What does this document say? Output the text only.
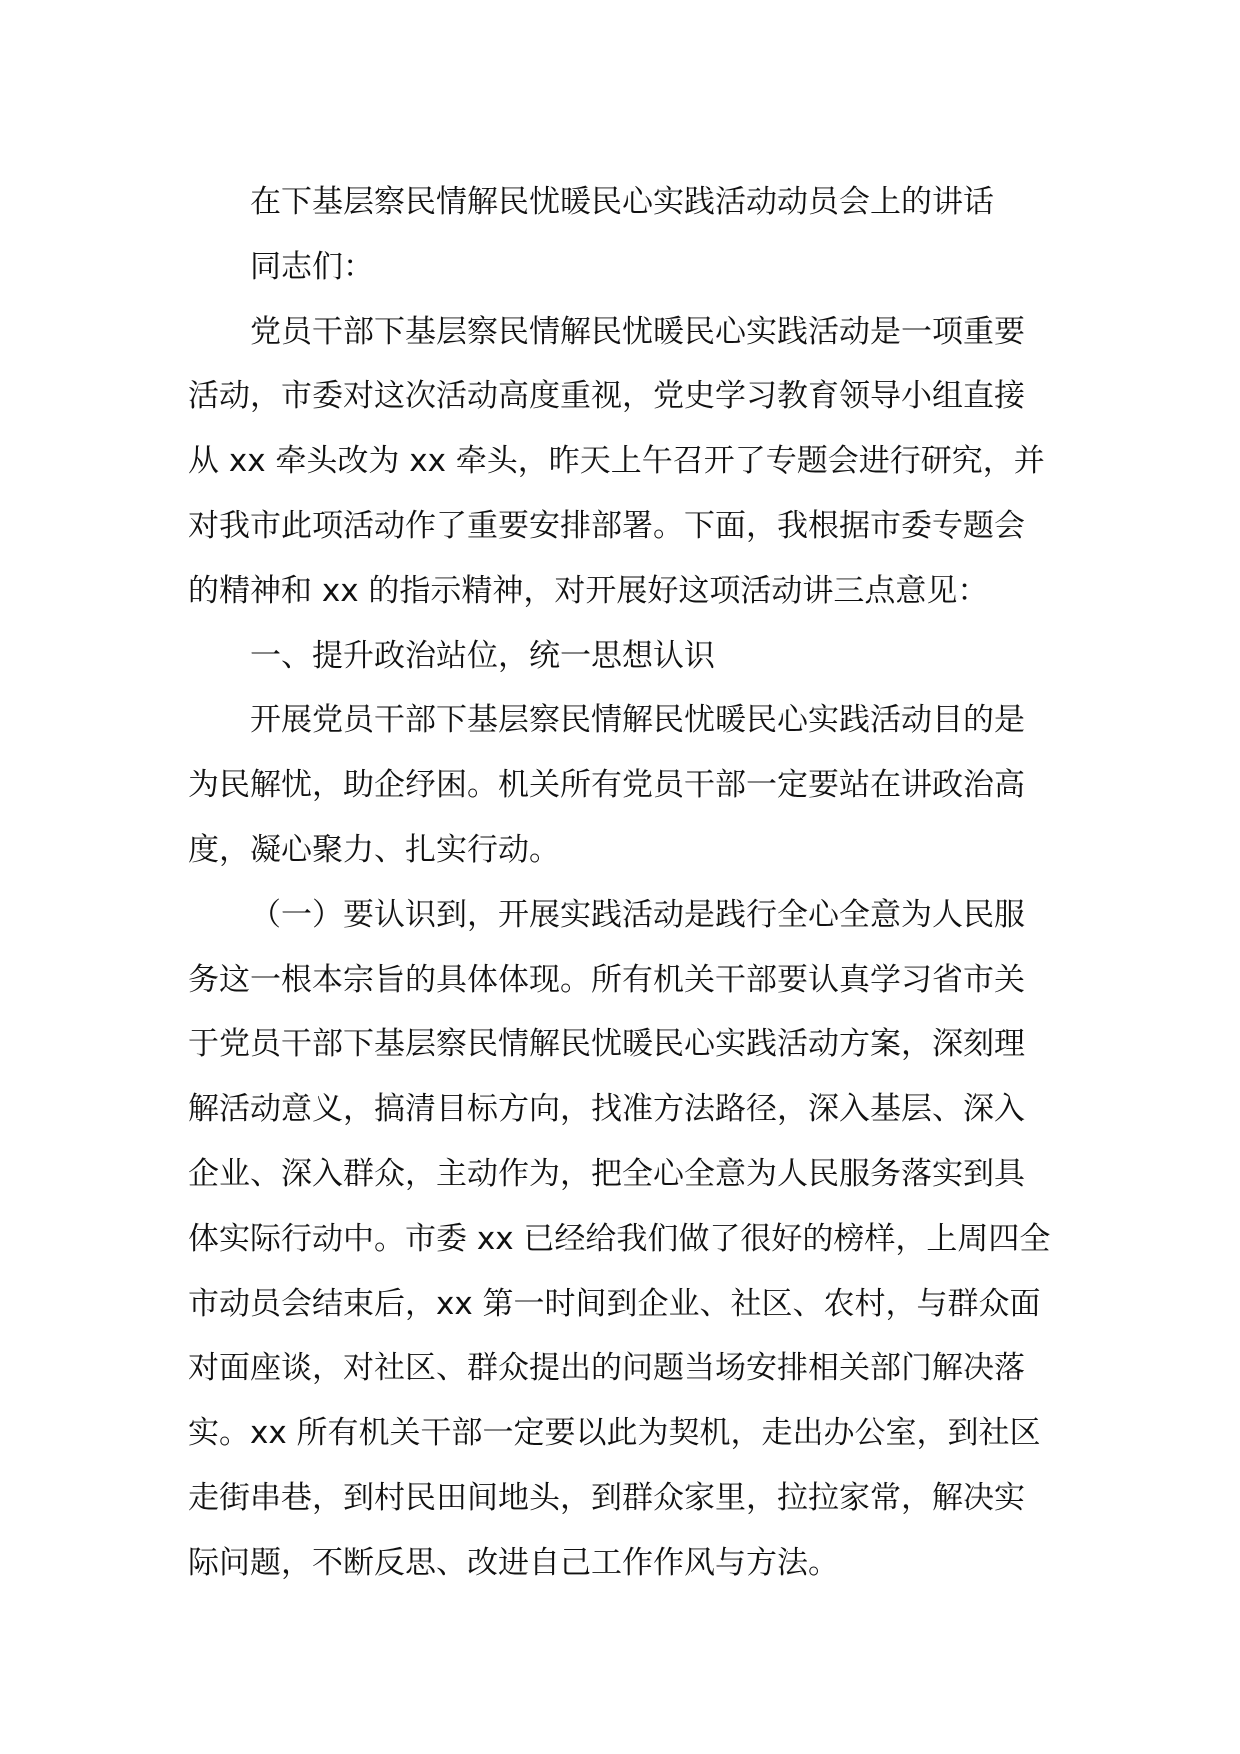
在下基层察民情解民忧暖民心实践活动动员会上的讲话

同志们：

党员干部下基层察民情解民忧暖民心实践活动是一项重要

活动，市委对这次活动高度重视，党史学习教育领导小组直接

从 xx 牵头改为 xx 牵头，昨天上午召开了专题会进行研究，并

对我市此项活动作了重要安排部署。下面，我根据市委专题会

的精神和 xx 的指示精神，对开展好这项活动讲三点意见：

一、提升政治站位，统一思想认识

开展党员干部下基层察民情解民忧暖民心实践活动目的是

为民解忧，助企纾困。机关所有党员干部一定要站在讲政治高

度，凝心聚力、扎实行动。

（一）要认识到，开展实践活动是践行全心全意为人民服

务这一根本宗旨的具体体现。所有机关干部要认真学习省市关

于党员干部下基层察民情解民忧暖民心实践活动方案，深刻理

解活动意义，搞清目标方向，找准方法路径，深入基层、深入

企业、深入群众，主动作为，把全心全意为人民服务落实到具

体实际行动中。市委 xx 已经给我们做了很好的榜样，上周四全

市动员会结束后，xx 第一时间到企业、社区、农村，与群众面

对面座谈，对社区、群众提出的问题当场安排相关部门解决落

实。xx 所有机关干部一定要以此为契机，走出办公室，到社区

走街串巷，到村民田间地头，到群众家里，拉拉家常，解决实

际问题，不断反思、改进自己工作作风与方法。
